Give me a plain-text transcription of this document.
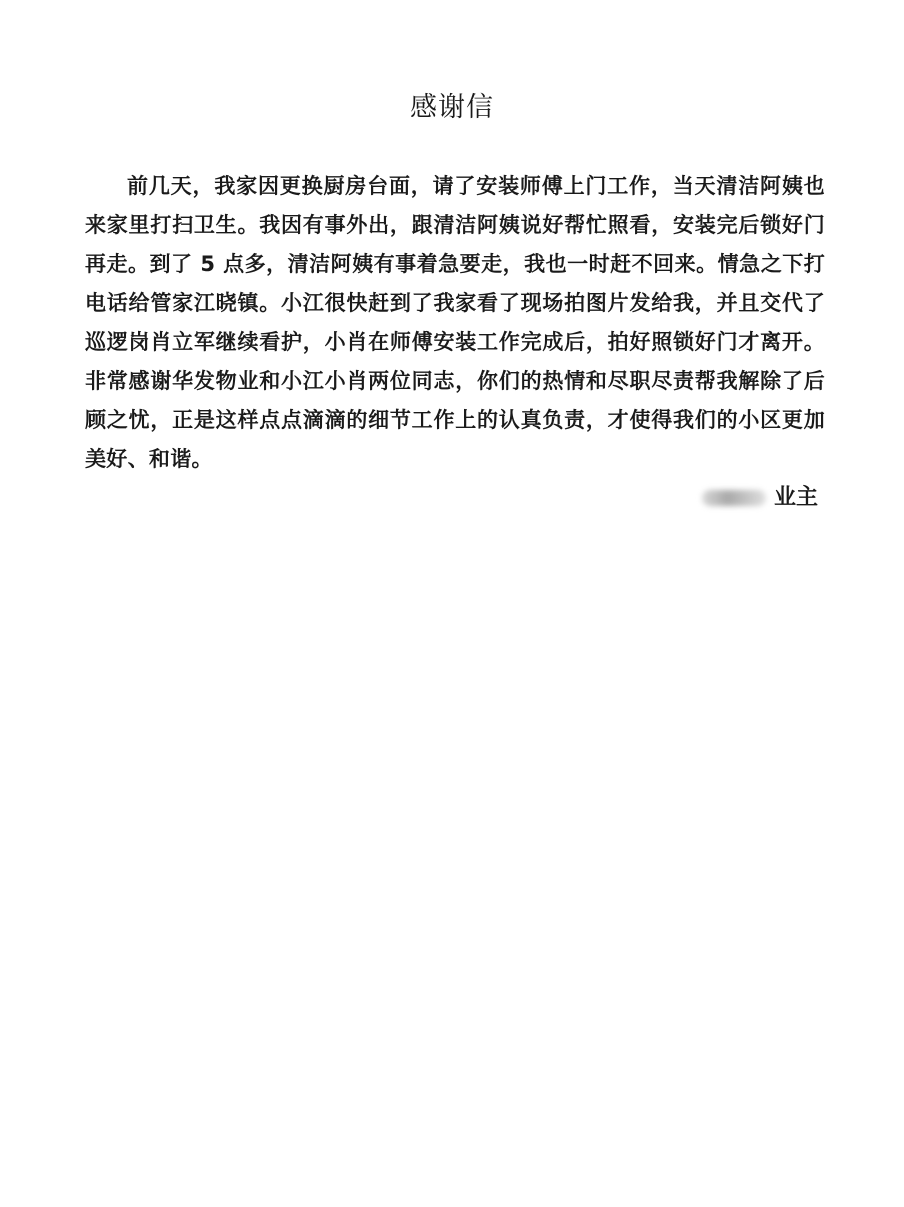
感谢信

前几天，我家因更换厨房台面，请了安装师傅上门工作，当天清洁阿姨也来家里打扫卫生。我因有事外出，跟清洁阿姨说好帮忙照看，安装完后锁好门再走。到了 5 点多，清洁阿姨有事着急要走，我也一时赶不回来。情急之下打电话给管家江晓镇。小江很快赶到了我家看了现场拍图片发给我，并且交代了巡逻岗肖立军继续看护，小肖在师傅安装工作完成后，拍好照锁好门才离开。非常感谢华发物业和小江小肖两位同志，你们的热情和尽职尽责帮我解除了后顾之忧，正是这样点点滴滴的细节工作上的认真负责，才使得我们的小区更加美好、和谐。

业主
